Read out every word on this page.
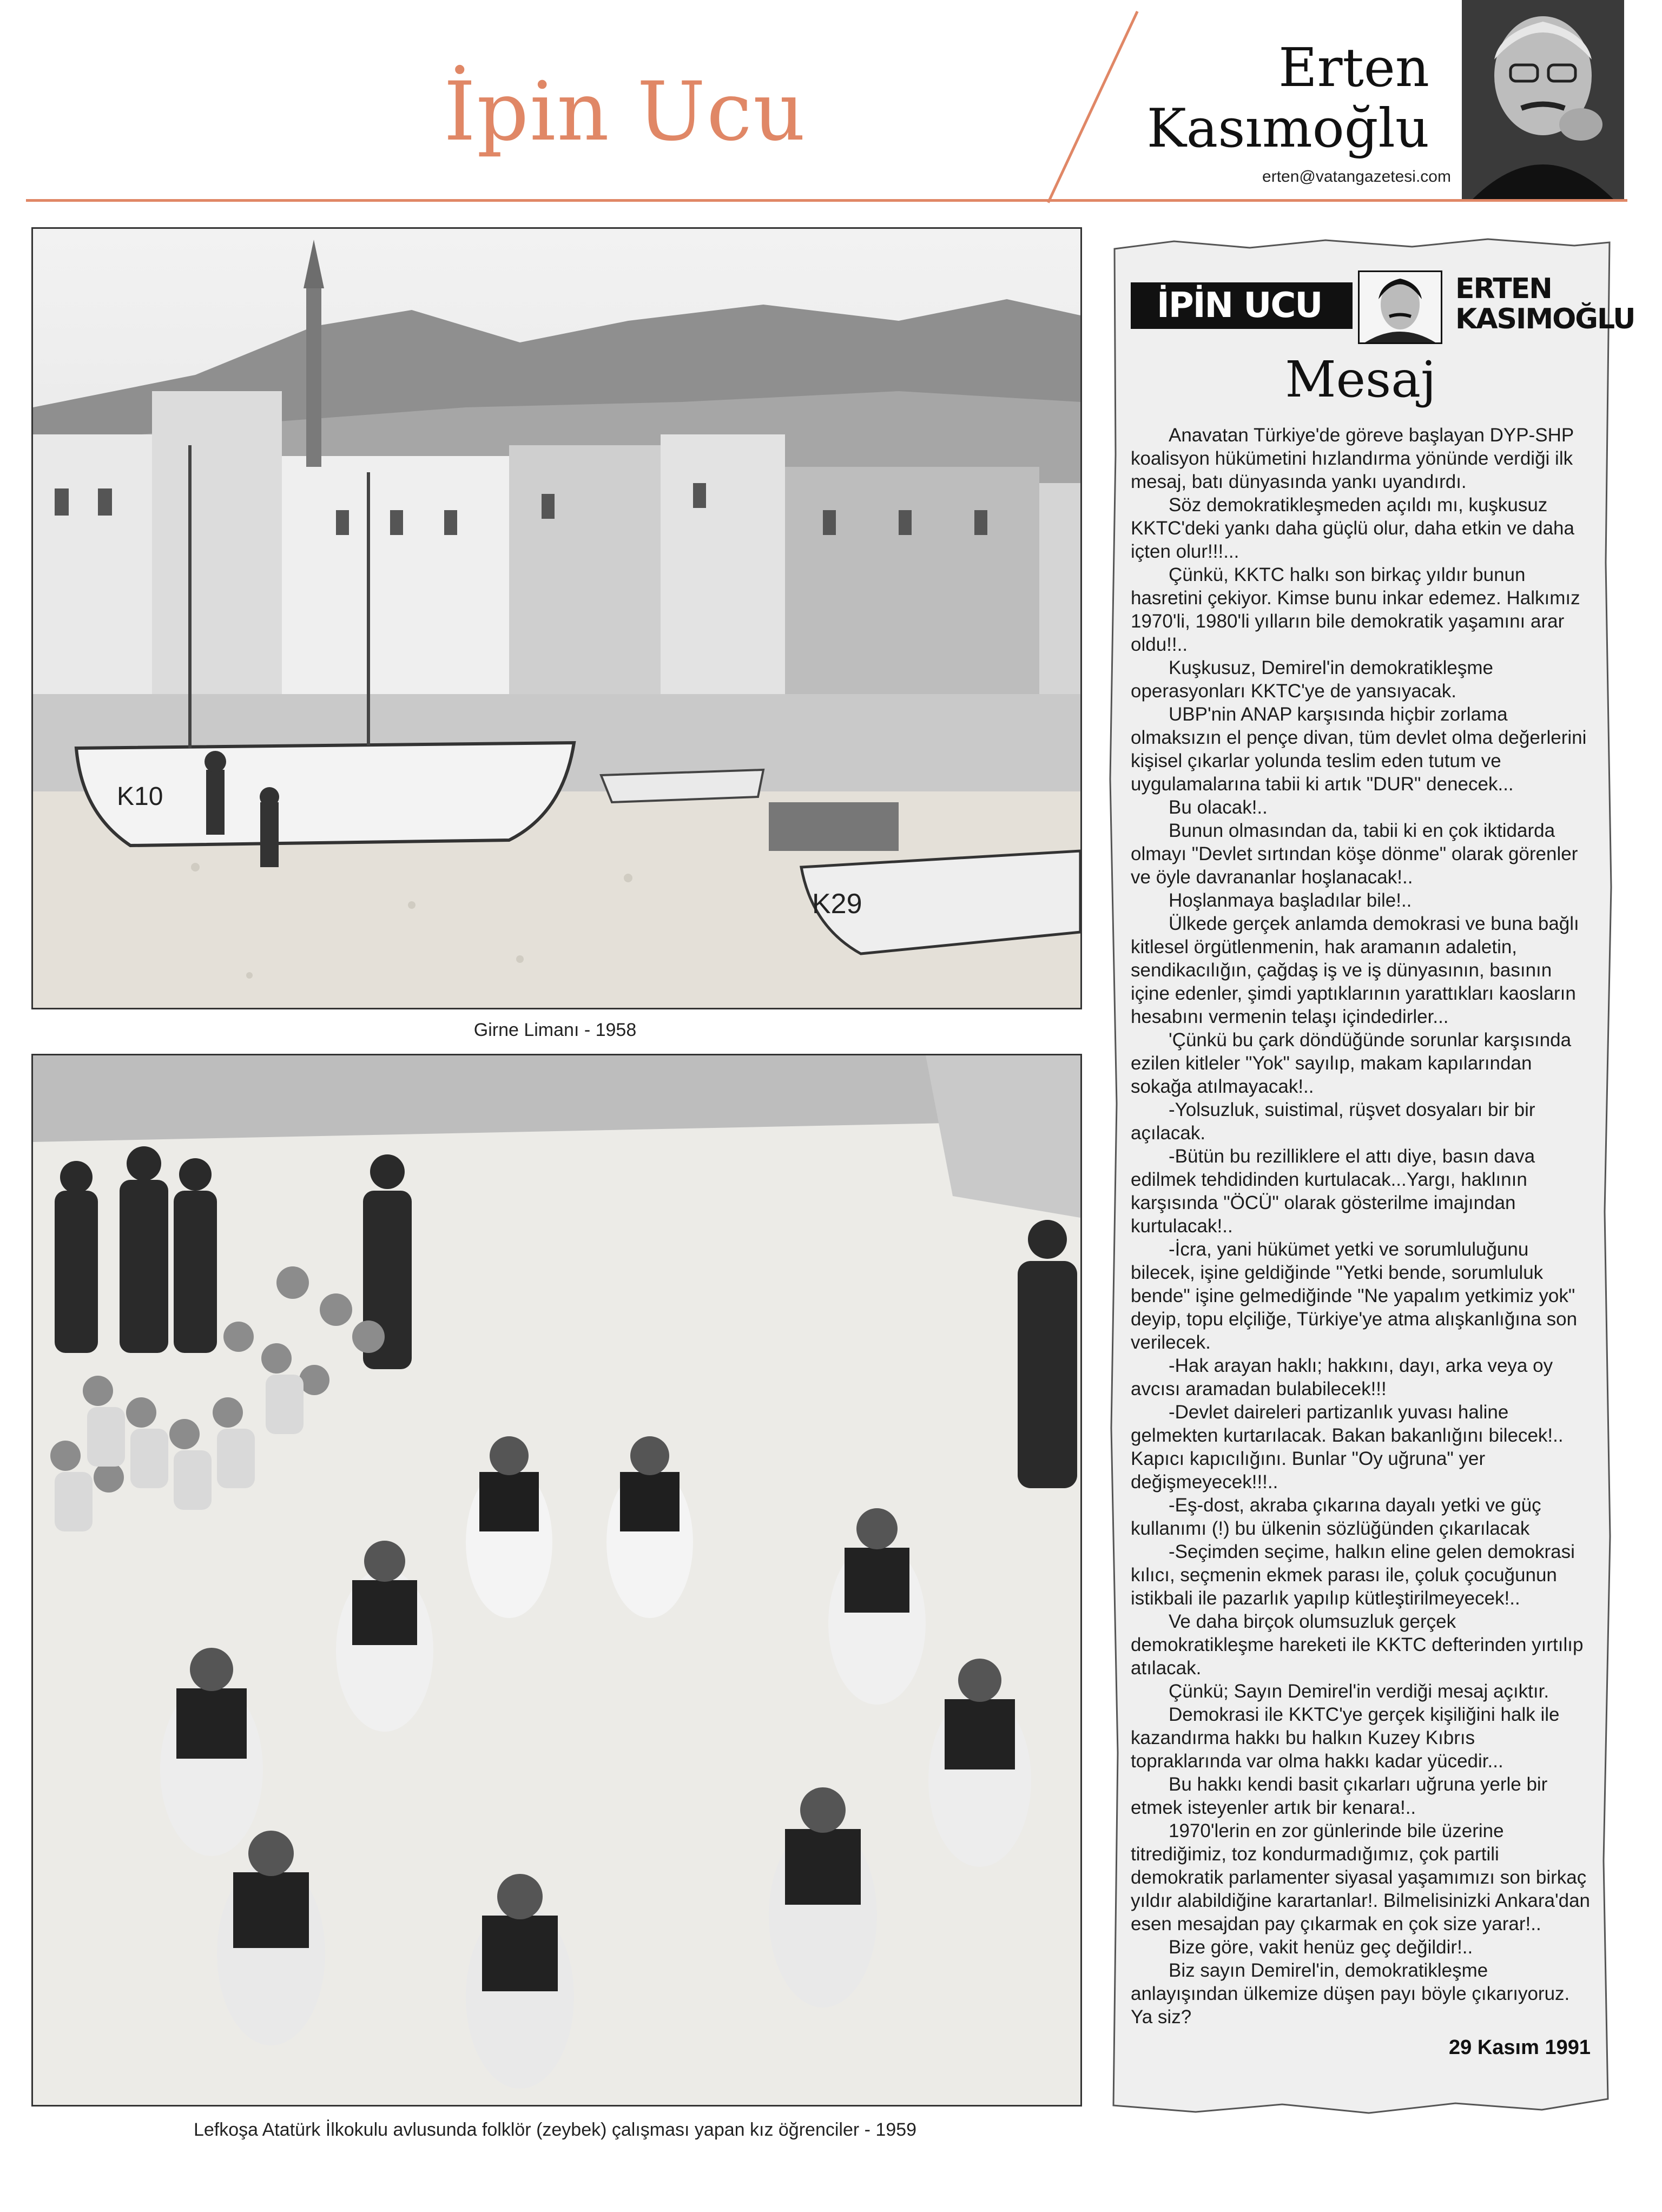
İpin Ucu	Erten
Kasımoğlu
erten@vatangazetesi.com
K10
K29
Girne Limanı - 1958
Lefkoşa Atatürk İlkokulu avlusunda folklör (zeybek) çalışması yapan kız öğrenciler - 1959
İPİN UCU	ERTEN
KASIMOĞLU
Mesaj

Anavatan Türkiye'de göreve başlayan DYP-SHP koalisyon hükümetini hızlandırma yönünde verdiği ilk mesaj, batı dünyasında yankı uyandırdı.

Söz demokratikleşmeden açıldı mı, kuşkusuz KKTC'deki yankı daha güçlü olur, daha etkin ve daha içten olur!!!...

Çünkü, KKTC halkı son birkaç yıldır bunun hasretini çekiyor. Kimse bunu inkar edemez. Halkımız 1970'li, 1980'li yılların bile demokratik yaşamını arar oldu!!..

Kuşkusuz, Demirel'in demokratikleşme operasyonları KKTC'ye de yansıyacak.

UBP'nin ANAP karşısında hiçbir zorlama olmaksızın el pençe divan, tüm devlet olma değerlerini kişisel çıkarlar yolunda teslim eden tutum ve uygulamalarına tabii ki artık "DUR" denecek...

Bu olacak!..

Bunun olmasından da, tabii ki en çok iktidarda olmayı "Devlet sırtından köşe dönme" olarak görenler ve öyle davrananlar hoşlanacak!..

Hoşlanmaya başladılar bile!..

Ülkede gerçek anlamda demokrasi ve buna bağlı kitlesel örgütlenmenin, hak aramanın adaletin, sendikacılığın, çağdaş iş ve iş dünyasının, basının içine edenler, şimdi yaptıklarının yarattıkları kaosların hesabını vermenin telaşı içindedirler...

'Çünkü bu çark döndüğünde sorunlar karşısında ezilen kitleler "Yok" sayılıp, makam kapılarından sokağa atılmayacak!..

-Yolsuzluk, suistimal, rüşvet dosyaları bir bir açılacak.

-Bütün bu rezilliklere el attı diye, basın dava edilmek tehdidinden kurtulacak...Yargı, haklının karşısında "ÖCÜ" olarak gösterilme imajından kurtulacak!..

-İcra, yani hükümet yetki ve sorumluluğunu bilecek, işine geldiğinde "Yetki bende, sorumluluk bende" işine gelmediğinde "Ne yapalım yetkimiz yok" deyip, topu elçiliğe, Türkiye'ye atma alışkanlığına son verilecek.

-Hak arayan haklı; hakkını, dayı, arka veya oy avcısı aramadan bulabilecek!!!

-Devlet daireleri partizanlık yuvası haline gelmekten kurtarılacak. Bakan bakanlığını bilecek!.. Kapıcı kapıcılığını. Bunlar "Oy uğruna" yer değişmeyecek!!!..

-Eş-dost, akraba çıkarına dayalı yetki ve güç kullanımı (!) bu ülkenin sözlüğünden çıkarılacak

-Seçimden seçime, halkın eline gelen demokrasi kılıcı, seçmenin ekmek parası ile, çoluk çocuğunun istikbali ile pazarlık yapılıp kütleştirilmeyecek!..

Ve daha birçok olumsuzluk gerçek demokratikleşme hareketi ile KKTC defterinden yırtılıp atılacak.

Çünkü; Sayın Demirel'in verdiği mesaj açıktır.

Demokrasi ile KKTC'ye gerçek kişiliğini halk ile kazandırma hakkı bu halkın Kuzey Kıbrıs topraklarında var olma hakkı kadar yücedir...

Bu hakkı kendi basit çıkarları uğruna yerle bir etmek isteyenler artık bir kenara!..

1970'lerin en zor günlerinde bile üzerine titrediğimiz, toz kondurmadığımız, çok partili demokratik parlamenter siyasal yaşamımızı son birkaç yıldır alabildiğine karartanlar!. Bilmelisinizki Ankara'dan esen mesajdan pay çıkarmak en çok size yarar!..

Bize göre, vakit henüz geç değildir!..

Biz sayın Demirel'in, demokratikleşme anlayışından ülkemize düşen payı böyle çıkarıyoruz. Ya siz?

29 Kasım 1991
